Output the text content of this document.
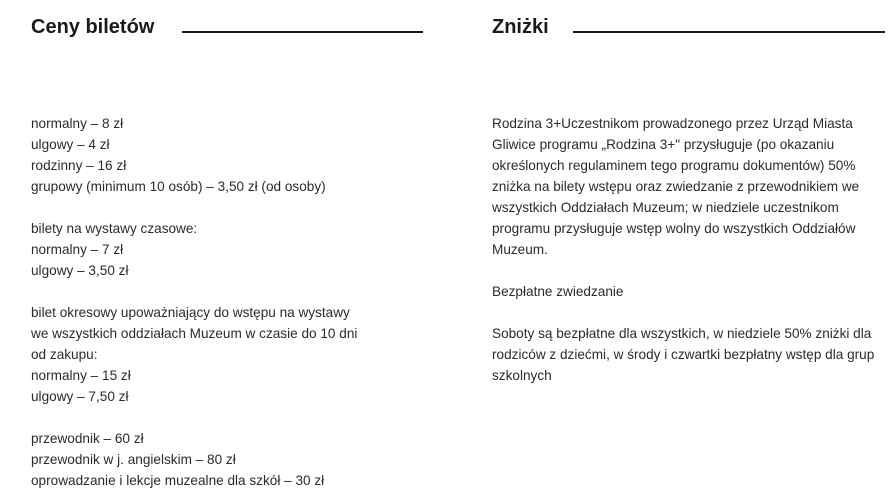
Ceny biletów
normalny – 8 zł
ulgowy – 4 zł
rodzinny – 16 zł
grupowy (minimum 10 osób) – 3,50 zł (od osoby)
bilety na wystawy czasowe:
normalny – 7 zł
ulgowy – 3,50 zł
bilet okresowy upoważniający do wstępu na wystawy
we wszystkich oddziałach Muzeum w czasie do 10 dni
od zakupu:
normalny – 15 zł
ulgowy – 7,50 zł
przewodnik – 60 zł
przewodnik w j. angielskim – 80 zł
oprowadzanie i lekcje muzealne dla szkół – 30 zł
Zniżki
Rodzina 3+Uczestnikom prowadzonego przez Urząd Miasta Gliwice programu „Rodzina 3+" przysługuje (po okazaniu określonych regulaminem tego programu dokumentów) 50% zniżka na bilety wstępu oraz zwiedzanie z przewodnikiem we wszystkich Oddziałach Muzeum; w niedziele uczestnikom programu przysługuje wstęp wolny do wszystkich Oddziałów Muzeum.
Bezpłatne zwiedzanie
Soboty są bezpłatne dla wszystkich, w niedziele 50% zniżki dla rodziców z dziećmi, w środy i czwartki bezpłatny wstęp dla grup szkolnych
